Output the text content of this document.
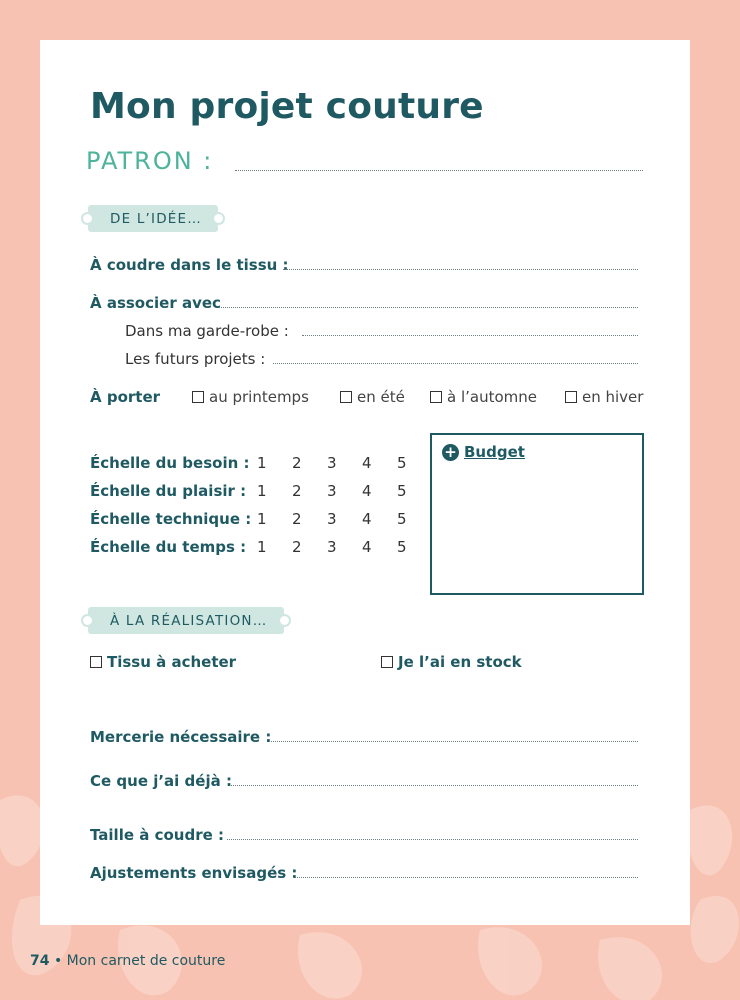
Mon projet couture
PATRON :
DE L’IDÉE…
À coudre dans le tissu :
À associer avec
Dans ma garde-robe :
Les futurs projets :
À porter	au printemps	en été	à l’automne	en hiver
Échelle du besoin : 1	2	3	4	5
Échelle du plaisir : 1	2	3	4	5
Échelle technique : 1	2	3	4	5
Échelle du temps : 1	2	3	4	5
+ Budget
À LA RÉALISATION…
Tissu à acheter	Je l’ai en stock
Mercerie nécessaire :
Ce que j’ai déjà :
Taille à coudre :
Ajustements envisagés :
74 • Mon carnet de couture
